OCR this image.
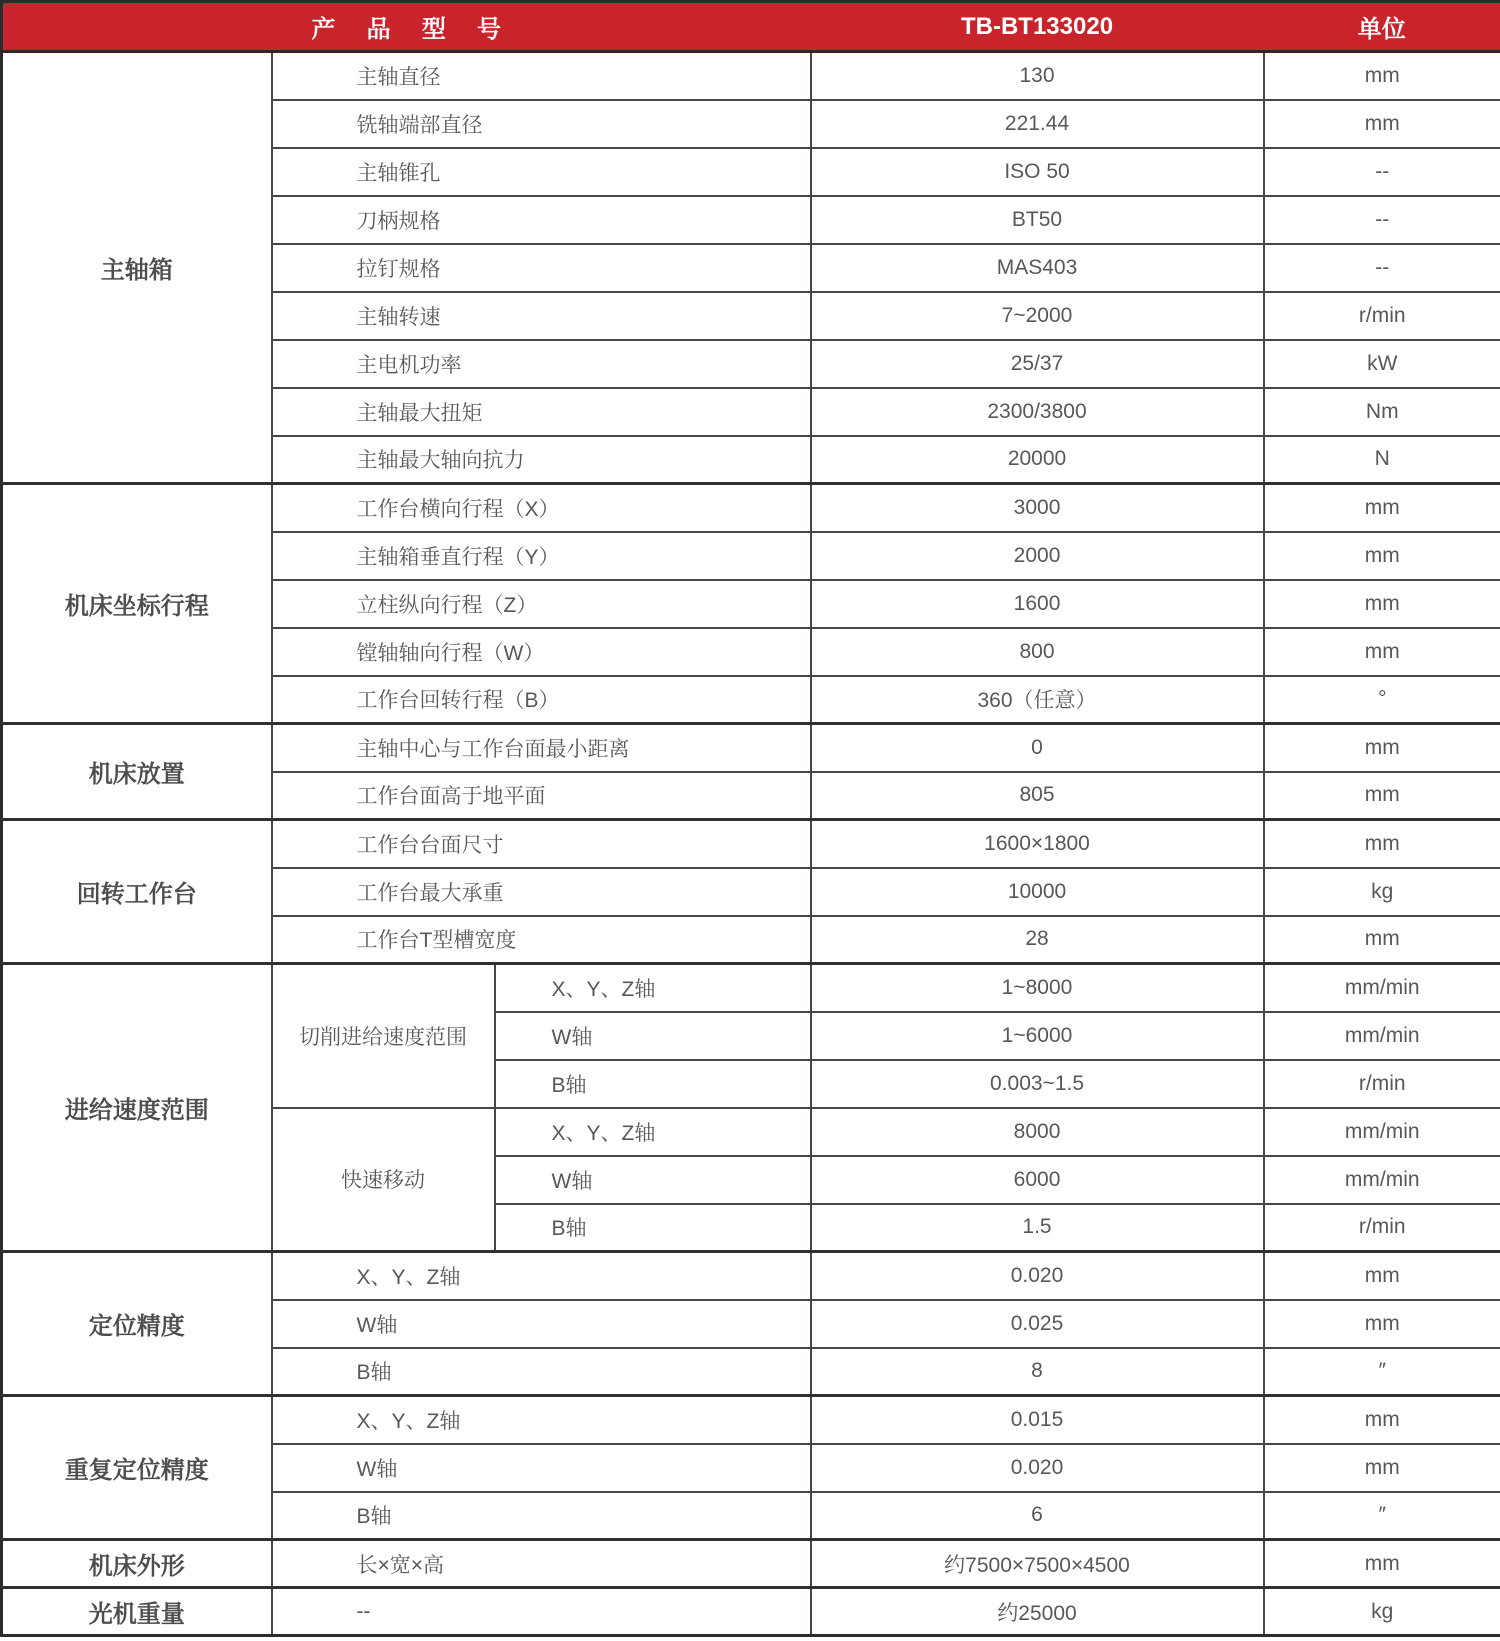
产品型号			TB-BT133020	单位
主轴箱	主轴直径		130	mm
	铣轴端部直径		221.44	mm
	主轴锥孔		ISO 50	--
	刀柄规格		BT50	--
	拉钉规格		MAS403	--
	主轴转速		7~2000	r/min
	主电机功率		25/37	kW
	主轴最大扭矩		2300/3800	Nm
	主轴最大轴向抗力		20000	N
机床坐标行程	工作台横向行程（X）		3000	mm
	主轴箱垂直行程（Y）		2000	mm
	立柱纵向行程（Z）		1600	mm
	镗轴轴向行程（W）		800	mm
	工作台回转行程（B）		360（任意）	°
机床放置	主轴中心与工作台面最小距离		0	mm
	工作台面高于地平面		805	mm
回转工作台	工作台台面尺寸		1600×1800	mm
	工作台最大承重		10000	kg
	工作台T型槽宽度		28	mm
进给速度范围	切削进给速度范围	X、Y、Z轴	1~8000	mm/min
		W轴	1~6000	mm/min
		B轴	0.003~1.5	r/min
	快速移动	X、Y、Z轴	8000	mm/min
		W轴	6000	mm/min
		B轴	1.5	r/min
定位精度	X、Y、Z轴		0.020	mm
	W轴		0.025	mm
	B轴		8	″
重复定位精度	X、Y、Z轴		0.015	mm
	W轴		0.020	mm
	B轴		6	″
机床外形	长×宽×高		约7500×7500×4500	mm
光机重量	--		约25000	kg
